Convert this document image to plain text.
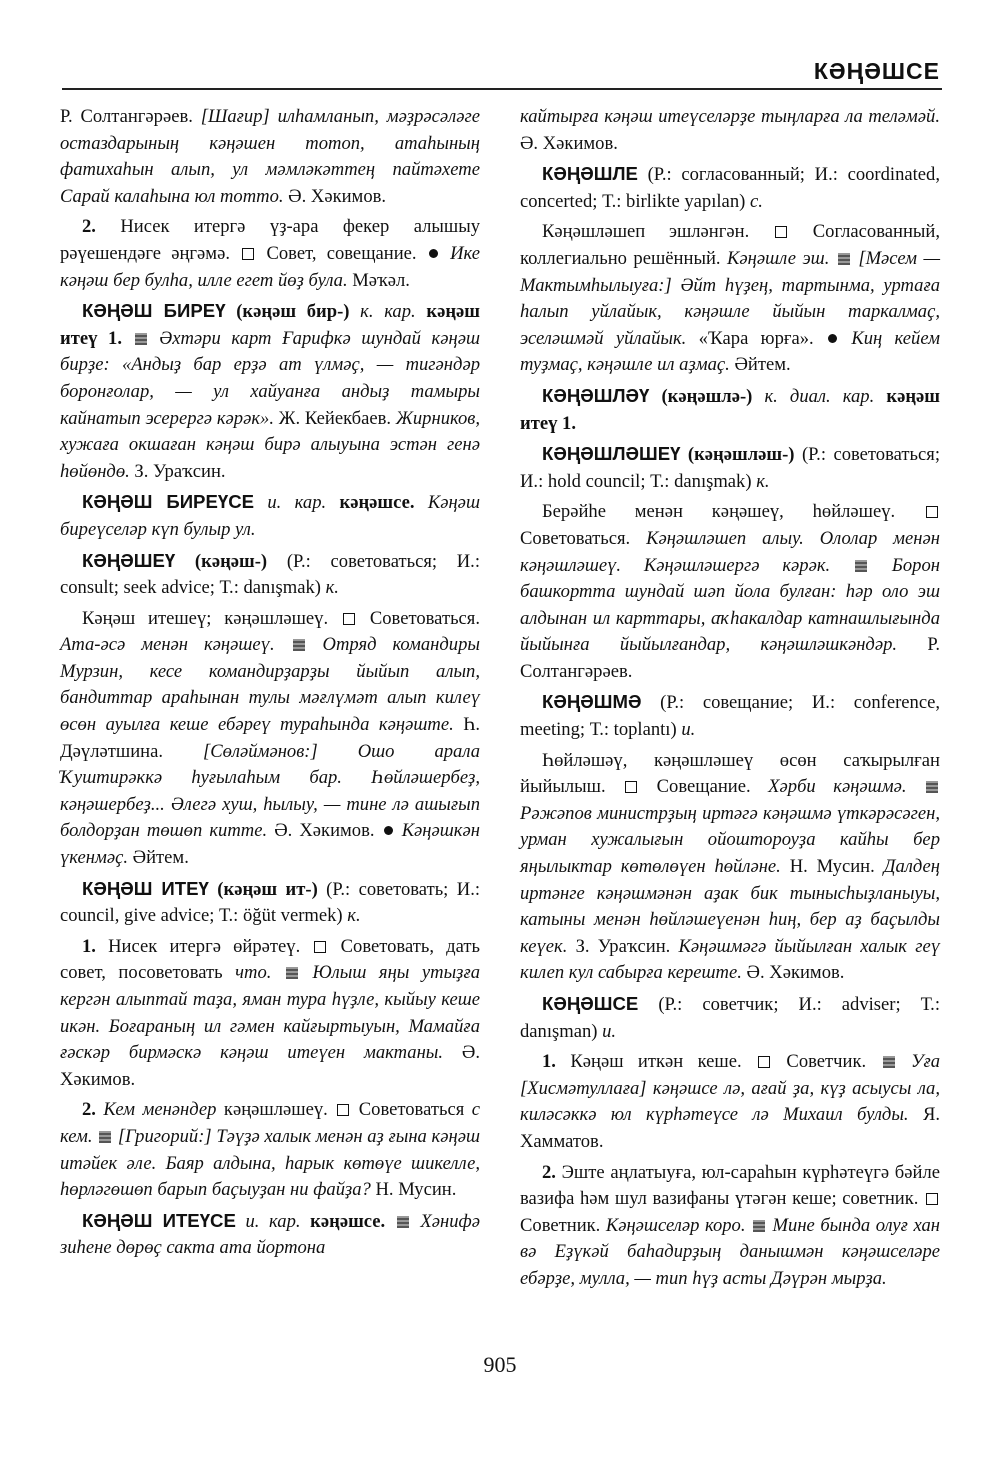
КӘҢӘШСЕ

Р. Солтангәрәев. [Шағир] илһамланып, мәҙрәсәләге остаздарының кәңәшен тотоп, атаһының фатихаһын алып, ул мәмләкәттең пайтәхете Сарай калаһына юл тотто. Ә. Хәкимов.

2. Нисек итергә үҙ-ара фекер алышыу рәүешендәге әңгәмә.  Совет, совещание.  Ике кәңәш бер булһа, илле егет йөҙ була. Мәҡәл.

КӘҢӘШ БИРЕҮ (кәңәш бир-) к. кар. кәңәш итеү 1.  Әхтәри карт Ғарифкә шундай кәңәш бирҙе: «Андыҙ бар ерҙә ат үлмәҫ, — тигәндәр боронғолар, — ул хайуанға андыҙ тамыры кайнатып эсерергә кәрәк». Ж. Кейекбаев. Жирников, хужаға окшаған кәңәш бирә алыуына эстән генә һөйөндө. З. Ураҡсин.

КӘҢӘШ БИРЕҮСЕ и. кар. кәңәшсе. Кәңәш биреүселәр күп булыр ул.

КӘҢӘШЕҮ (кәңәш-) (Р.: советоваться; И.: consult; seek advice; Т.: danışmak) к.

Кәңәш итешеү; кәңәшләшеү.  Советоваться. Ата-әсә менән кәңәшеү.  Отряд командиры Мурзин, кесе командирҙарҙы йыйып алып, бандиттар араһынан тулы мәғлүмәт алып килеү өсөн ауылға кеше ебәреү тураһында кәңәште. Һ. Дәүләтшина. [Сөләймәнов:] Ошо арала Ҡуштирәккә һуғылаһым бар. Һөйләшербеҙ, кәңәшербеҙ... Әлегә хуш, һылыу, — тине лә ашығып болдорҙан төшөп китте. Ә. Хәкимов.  Кәңәшкән үкенмәҫ. Әйтем.

КӘҢӘШ ИТЕҮ (кәңәш ит-) (Р.: советовать; И.: council, give advice; Т.: öğüt vermek) к.

1. Нисек итергә өйрәтеү.  Советовать, дать совет, посоветовать что.  Юлыш яңы утыҙға кергән алыптай таҙа, яман тура һүҙле, кыйыу кеше икән. Боғараның ил гәмен кайғыртыуын, Мамайға ғәскәр бирмәскә кәңәш итеүен мактаны. Ә. Хәкимов.

2. Кем менәндер кәңәшләшеү.  Советоваться с кем.  [Григорий:] Тәүҙә халык менән аҙ ғына кәңәш итәйек әле. Баяр алдына, һарык көтөүе шикелле, һөрләгөшөп барып баҫыуҙан ни файҙа? Н. Мусин.

КӘҢӘШ ИТЕҮСЕ и. кар. кәңәшсе.  Хәнифә зиһене дөрөҫ сакта ата йортона

кайтырға кәңәш итеүселәрҙе тыңларға ла теләмәй. Ә. Хәкимов.

КӘҢӘШЛЕ (Р.: согласованный; И.: coordinated, concerted; Т.: birlikte yapılan) с.

Кәңәшләшеп эшләнгән.  Согласованный, коллегиально решённый. Кәңәшле эш.  [Мәсем — Мактымһылыуға:] Әйт һүҙең, тартынма, уртаға һалып уйлайык, кәңәшле йыйын таркалмаҫ, эселәшмәй уйлайык. «Ҡара юрға».  Киң кейем туҙмаҫ, кәңәшле ил аҙмаҫ. Әйтем.

КӘҢӘШЛӘҮ (кәңәшлә-) к. диал. кар. кәңәш итеү 1.

КӘҢӘШЛӘШЕҮ (кәңәшләш-) (Р.: советоваться; И.: hold council; Т.: danışmak) к.

Берәйһе менән кәңәшеү, һөйләшеү.  Советоваться. Кәңәшләшеп алыу. Ололар менән кәңәшләшеү. Кәңәшләшергә кәрәк.  Борон башкортта шундай шәп йола булған: һәр оло эш алдынан ил карттары, аҡһакалдар катнашлығында йыйынға йыйылғандар, кәңәшләшкәндәр. Р. Солтангәрәев.

КӘҢӘШМӘ (Р.: совещание; И.: conference, meeting; Т.: toplantı) и.

Һөйләшәү, кәңәшләшеү өсөн саҡырылған йыйылыш.  Совещание. Хәрби кәңәшмә.  Рәжәпов министрҙың иртәгә кәңәшмә үткәрәсәген, урман хужалығын ойоштороуҙа кайһы бер яңылыктар көтөлөүен һөйләне. Н. Мусин. Далдең иртәнге кәңәшмәнән аҙак бик тынысһыҙланыуы, катыны менән һөйләшеүенән һиң, бер аҙ баҫылды кеүек. З. Ураҡсин. Кәңәшмәгә йыйылған халык геү килеп кул сабырға кереште. Ә. Хәкимов.

КӘҢӘШСЕ (Р.: советчик; И.: adviser; Т.: danışman) и.

1. Кәңәш иткән кеше.  Советчик.  Уға [Хисмәтуллаға] кәңәшсе лә, ағай ҙа, күҙ асыусы ла, киләсәккә юл күрһәтеүсе лә Михаил булды. Я. Хамматов.

2. Эште аңлатыуға, юл-сараһын күрһәтеүгә бәйле вазифа һәм шул вазифаны үтәгән кеше; советник.  Советник. Кәңәшселәр коро.  Мине бында олуғ хан вә Еҙүкәй баһадирҙың данышмән кәңәшселәре ебәрҙе, мулла, — тип һүҙ асты Дәүрән мырҙа.

905
